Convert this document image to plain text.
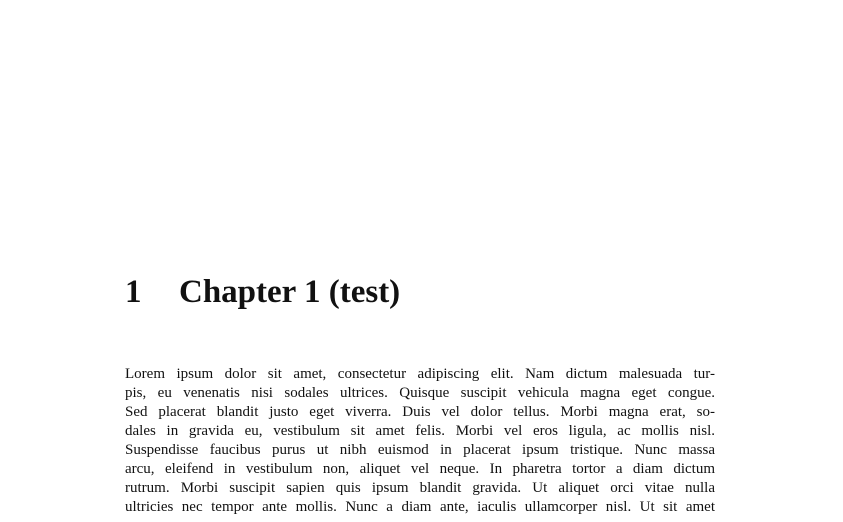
1	Chapter 1 (test)
Lorem ipsum dolor sit amet, consectetur adipiscing elit. Nam dictum malesuada tur-
pis, eu venenatis nisi sodales ultrices. Quisque suscipit vehicula magna eget congue.
Sed placerat blandit justo eget viverra. Duis vel dolor tellus. Morbi magna erat, so-
dales in gravida eu, vestibulum sit amet felis. Morbi vel eros ligula, ac mollis nisl.
Suspendisse faucibus purus ut nibh euismod in placerat ipsum tristique. Nunc massa
arcu, eleifend in vestibulum non, aliquet vel neque. In pharetra tortor a diam dictum
rutrum. Morbi suscipit sapien quis ipsum blandit gravida. Ut aliquet orci vitae nulla
ultricies nec tempor ante mollis. Nunc a diam ante, iaculis ullamcorper nisl. Ut sit amet
